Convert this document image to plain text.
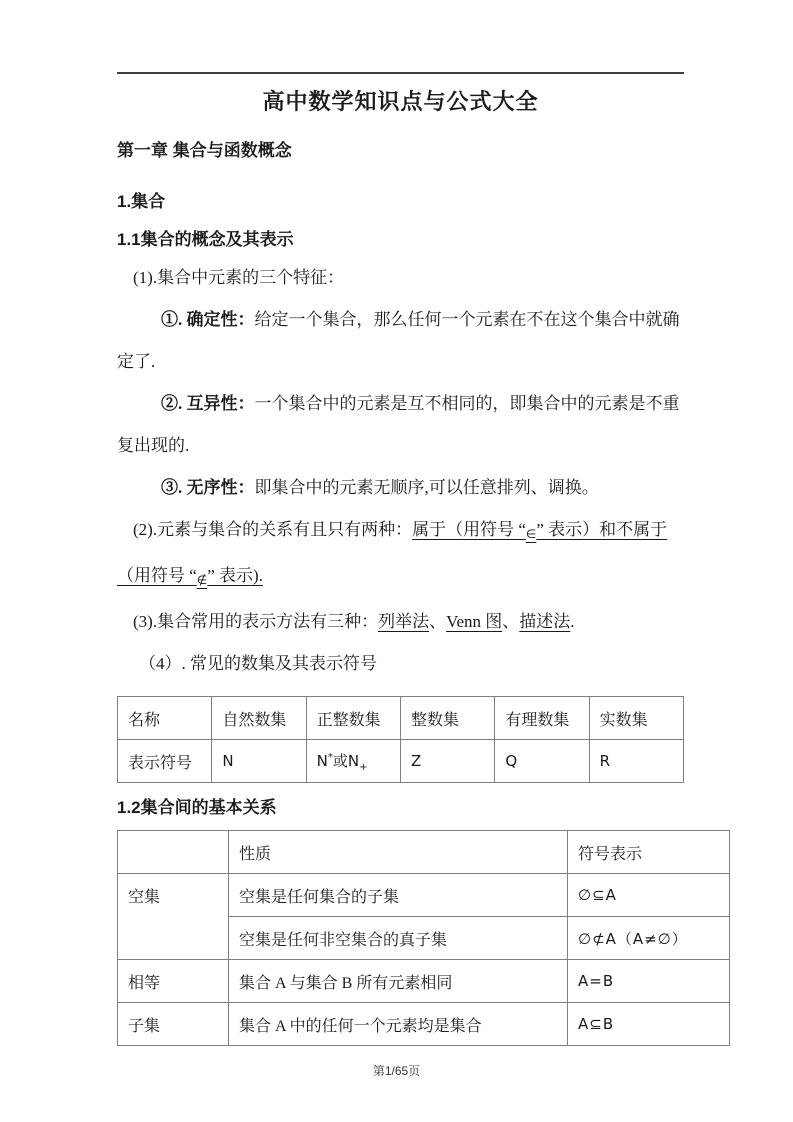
高中数学知识点与公式大全
第一章 集合与函数概念
1.集合
1.1集合的概念及其表示
(1).集合中元素的三个特征：
①. 确定性：给定一个集合，那么任何一个元素在不在这个集合中就确定了.
②. 互异性：一个集合中的元素是互不相同的，即集合中的元素是不重复出现的.
③. 无序性：即集合中的元素无顺序,可以任意排列、调换。
(2).元素与集合的关系有且只有两种：属于（用符号 “∈” 表示）和不属于（用符号 “∉” 表示).
(3).集合常用的表示方法有三种：列举法、Venn 图、描述法.
（4）. 常见的数集及其表示符号
名称	自然数集	正整数集	整数集	有理数集	实数集
表示符号	N	N*或$N_+$	Z	Q	R
1.2集合间的基本关系
	性质	符号表示
空集	空集是任何集合的子集	∅⊆A
	空集是任何非空集合的真子集	∅⊄A（A≠∅）
相等	集合 A 与集合 B 所有元素相同	A=B
子集	集合 A 中的任何一个元素均是集合	A⊆B
第1/65页
